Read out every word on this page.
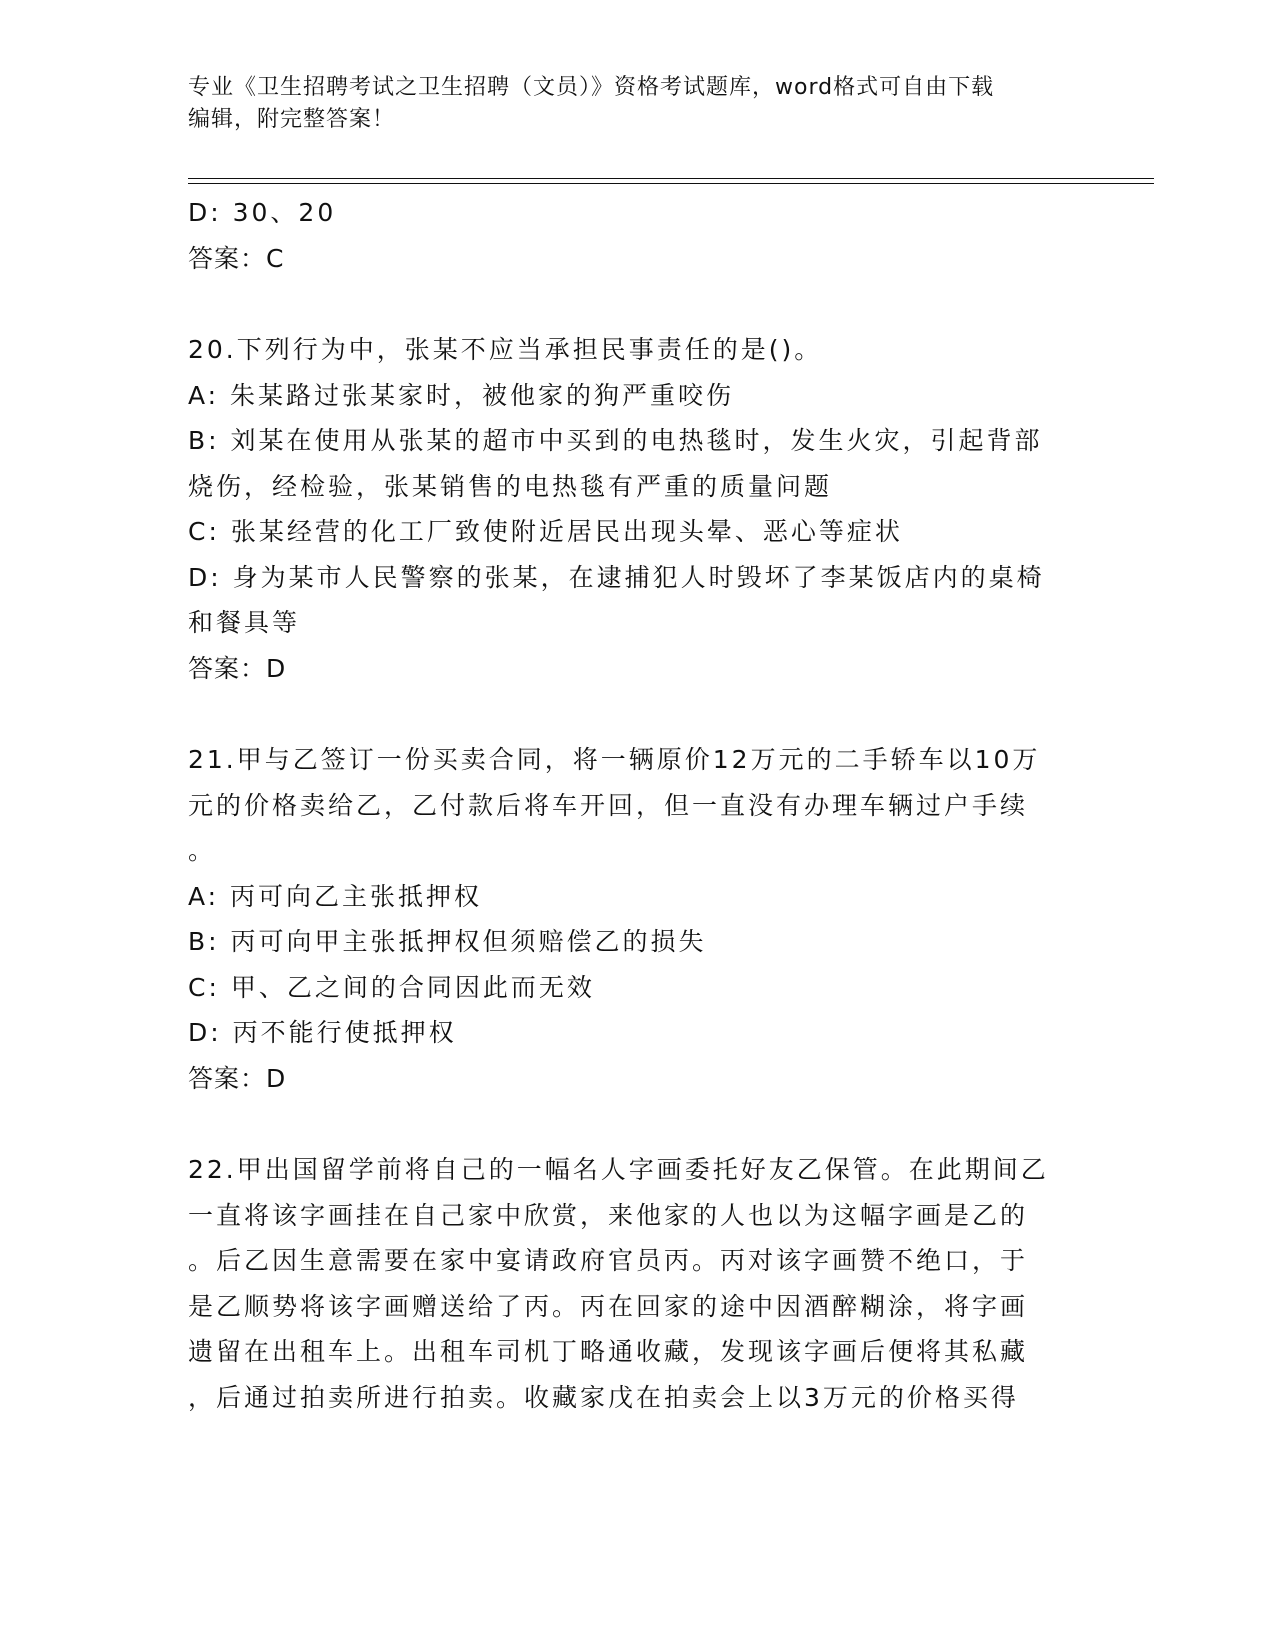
专业《卫生招聘考试之卫生招聘（文员）》资格考试题库，word格式可自由下载
编辑，附完整答案！
D: 30、20
答案：C
20.下列行为中，张某不应当承担民事责任的是()。
A: 朱某路过张某家时，被他家的狗严重咬伤
B: 刘某在使用从张某的超市中买到的电热毯时，发生火灾，引起背部
烧伤，经检验，张某销售的电热毯有严重的质量问题
C: 张某经营的化工厂致使附近居民出现头晕、恶心等症状
D: 身为某市人民警察的张某，在逮捕犯人时毁坏了李某饭店内的桌椅
和餐具等
答案：D
21.甲与乙签订一份买卖合同，将一辆原价12万元的二手轿车以10万
元的价格卖给乙，乙付款后将车开回，但一直没有办理车辆过户手续
。
A: 丙可向乙主张抵押权
B: 丙可向甲主张抵押权但须赔偿乙的损失
C: 甲、乙之间的合同因此而无效
D: 丙不能行使抵押权
答案：D
22.甲出国留学前将自己的一幅名人字画委托好友乙保管。在此期间乙
一直将该字画挂在自己家中欣赏，来他家的人也以为这幅字画是乙的
。后乙因生意需要在家中宴请政府官员丙。丙对该字画赞不绝口，于
是乙顺势将该字画赠送给了丙。丙在回家的途中因酒醉糊涂，将字画
遗留在出租车上。出租车司机丁略通收藏，发现该字画后便将其私藏
，后通过拍卖所进行拍卖。收藏家戊在拍卖会上以3万元的价格买得
